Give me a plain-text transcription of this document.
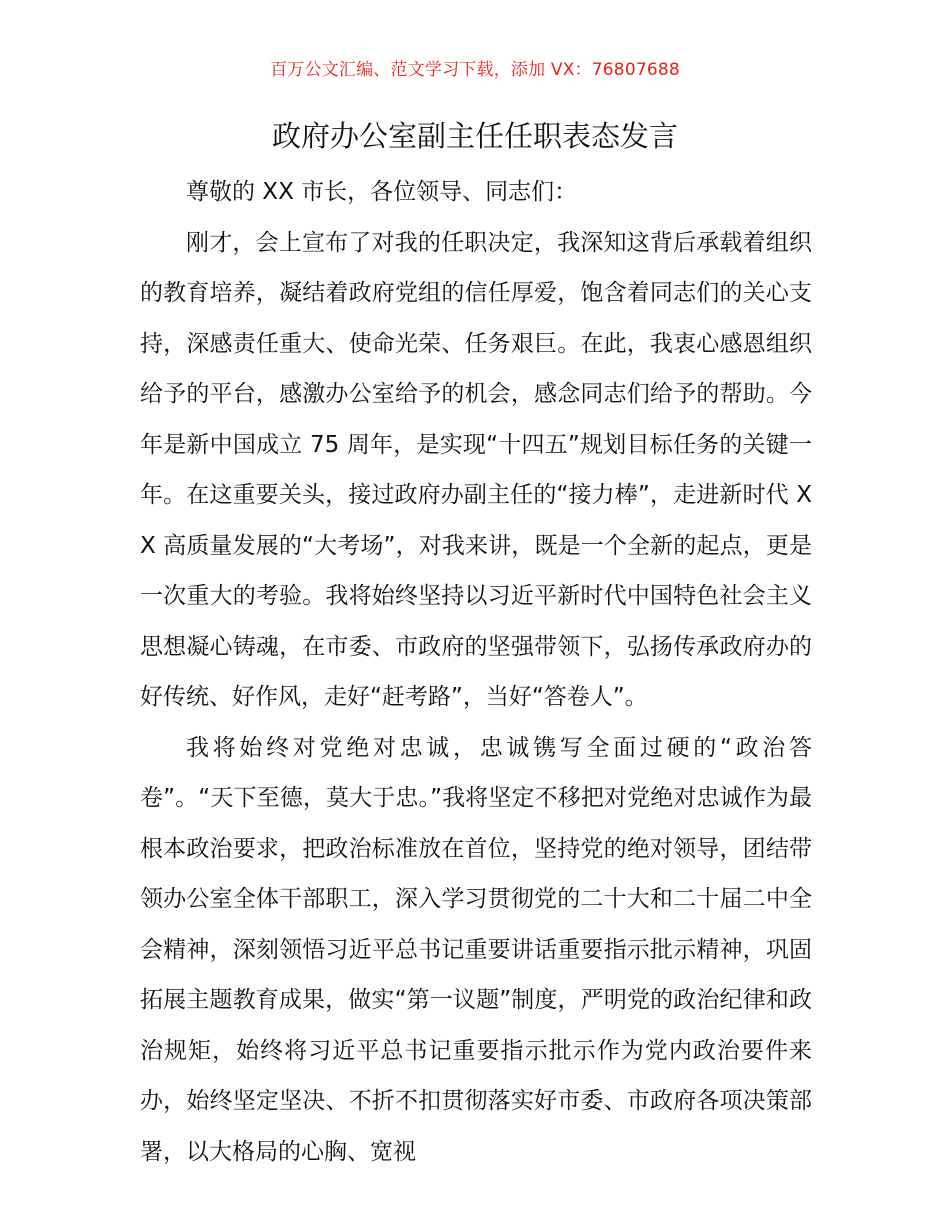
百万公文汇编、范文学习下载，添加 VX：76807688
政府办公室副主任任职表态发言

尊敬的 XX 市长，各位领导、同志们：

刚才，会上宣布了对我的任职决定，我深知这背后承载着组织的教育培养，凝结着政府党组的信任厚爱，饱含着同志们的关心支持，深感责任重大、使命光荣、任务艰巨。在此，我衷心感恩组织给予的平台，感激办公室给予的机会，感念同志们给予的帮助。今年是新中国成立 75 周年，是实现“十四五”规划目标任务的关键一年。在这重要关头，接过政府办副主任的“接力棒”，走进新时代 XX 高质量发展的“大考场”，对我来讲，既是一个全新的起点，更是一次重大的考验。我将始终坚持以习近平新时代中国特色社会主义思想凝心铸魂，在市委、市政府的坚强带领下，弘扬传承政府办的好传统、好作风，走好“赶考路”，当好“答卷人”。

我将始终对党绝对忠诚，忠诚镌写全面过硬的“政治答卷”。“天下至德，莫大于忠。”我将坚定不移把对党绝对忠诚作为最根本政治要求，把政治标准放在首位，坚持党的绝对领导，团结带领办公室全体干部职工，深入学习贯彻党的二十大和二十届二中全会精神，深刻领悟习近平总书记重要讲话重要指示批示精神，巩固拓展主题教育成果，做实“第一议题”制度，严明党的政治纪律和政治规矩，始终将习近平总书记重要指示批示作为党内政治要件来办，始终坚定坚决、不折不扣贯彻落实好市委、市政府各项决策部署，以大格局的心胸、宽视
